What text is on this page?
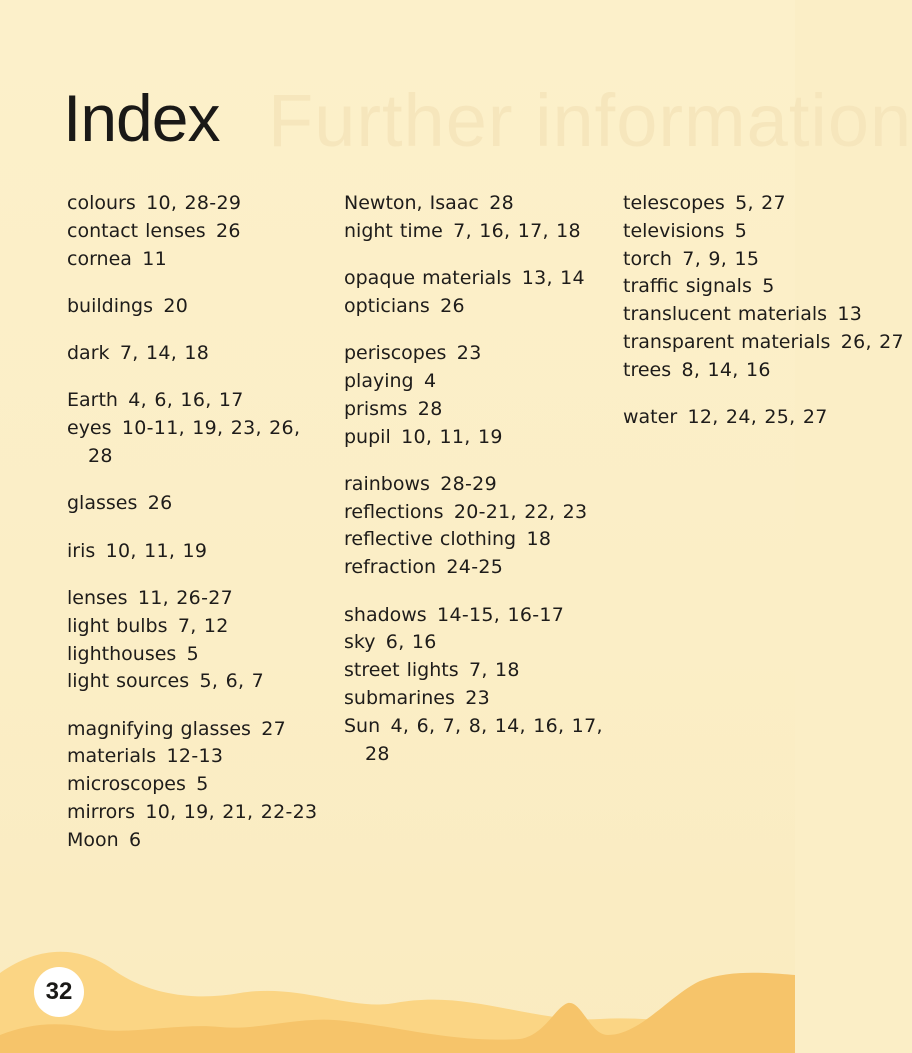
Further information
Index
colours 10, 28-29
contact lenses 26
cornea 11
buildings 20
dark 7, 14, 18
Earth 4, 6, 16, 17
eyes 10-11, 19, 23, 26, 28
glasses 26
iris 10, 11, 19
lenses 11, 26-27
light bulbs 7, 12
lighthouses 5
light sources 5, 6, 7
magnifying glasses 27
materials 12-13
microscopes 5
mirrors 10, 19, 21, 22-23
Moon 6
Newton, Isaac 28
night time 7, 16, 17, 18
opaque materials 13, 14
opticians 26
periscopes 23
playing 4
prisms 28
pupil 10, 11, 19
rainbows 28-29
reflections 20-21, 22, 23
reflective clothing 18
refraction 24-25
shadows 14-15, 16-17
sky 6, 16
street lights 7, 18
submarines 23
Sun 4, 6, 7, 8, 14, 16, 17, 28
telescopes 5, 27
televisions 5
torch 7, 9, 15
traffic signals 5
translucent materials 13
transparent materials 26, 27
trees 8, 14, 16
water 12, 24, 25, 27
32
